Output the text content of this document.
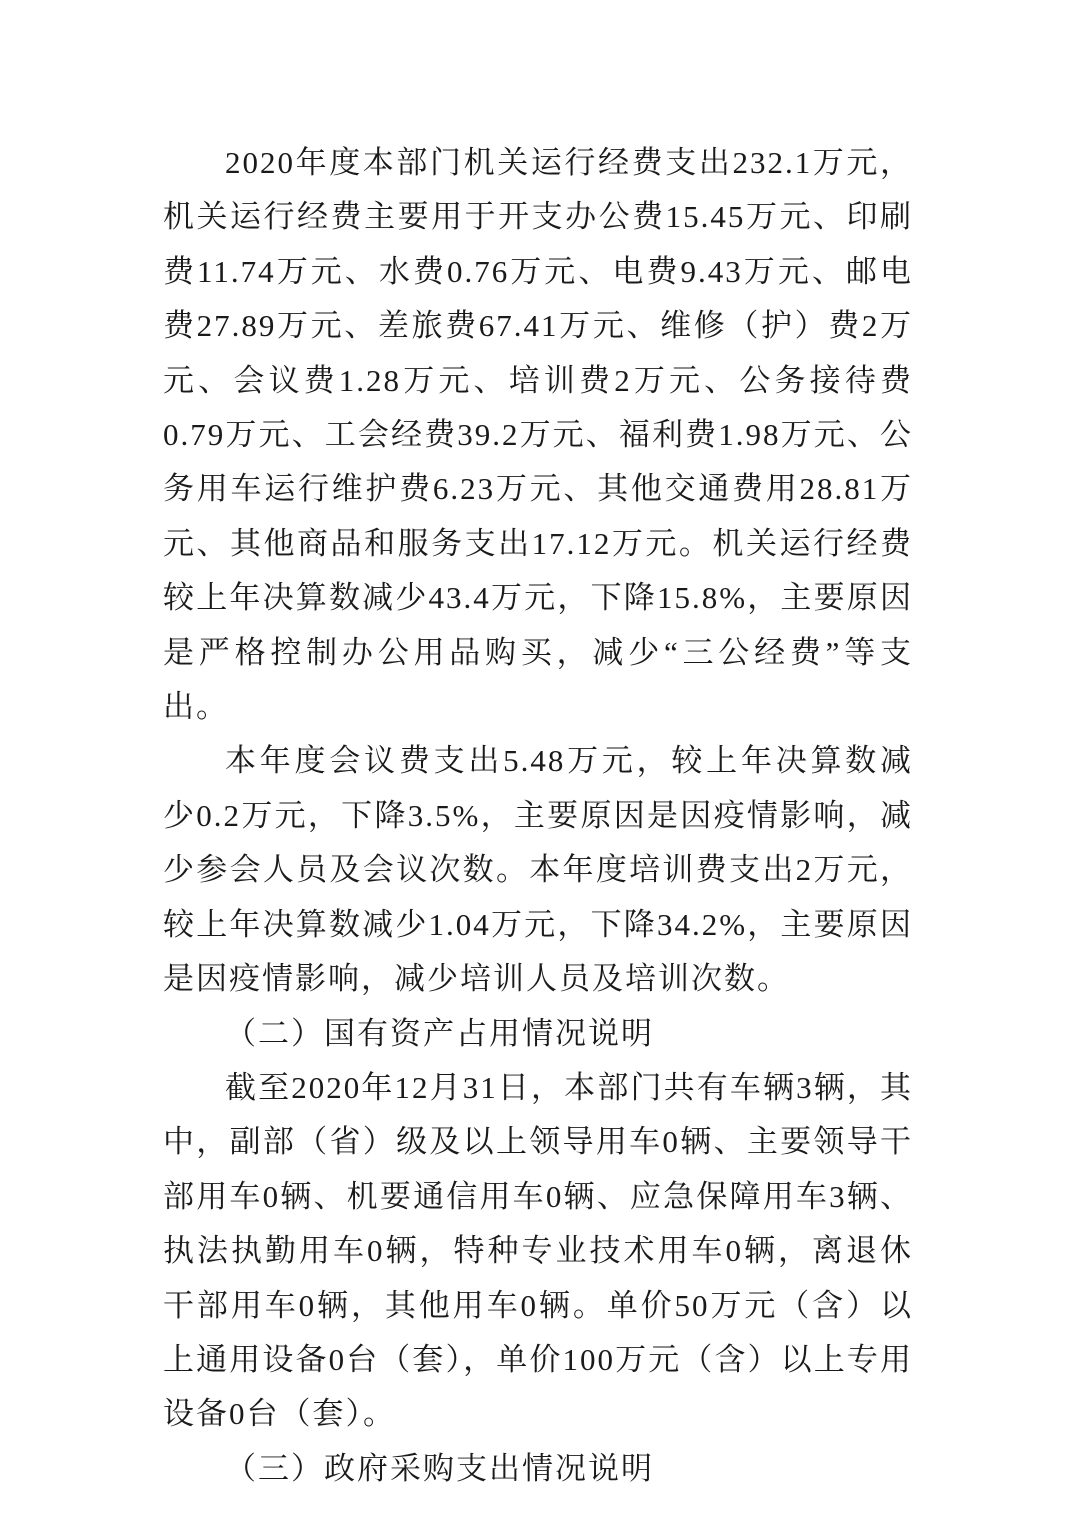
2020年度本部门机关运行经费支出232.1万元，机关运行经费主要用于开支办公费15.45万元、印刷费11.74万元、水费0.76万元、电费9.43万元、邮电费27.89万元、差旅费67.41万元、维修（护）费2万元、会议费1.28万元、培训费2万元、公务接待费0.79万元、工会经费39.2万元、福利费1.98万元、公务用车运行维护费6.23万元、其他交通费用28.81万元、其他商品和服务支出17.12万元。机关运行经费较上年决算数减少43.4万元，下降15.8%，主要原因是严格控制办公用品购买，减少“三公经费”等支出。

本年度会议费支出5.48万元，较上年决算数减少0.2万元，下降3.5%，主要原因是因疫情影响，减少参会人员及会议次数。本年度培训费支出2万元，较上年决算数减少1.04万元，下降34.2%，主要原因是因疫情影响，减少培训人员及培训次数。

（二）国有资产占用情况说明

截至2020年12月31日，本部门共有车辆3辆，其中，副部（省）级及以上领导用车0辆、主要领导干部用车0辆、机要通信用车0辆、应急保障用车3辆、执法执勤用车0辆，特种专业技术用车0辆，离退休干部用车0辆，其他用车0辆。单价50万元（含）以上通用设备0台（套），单价100万元（含）以上专用设备0台（套）。

（三）政府采购支出情况说明
